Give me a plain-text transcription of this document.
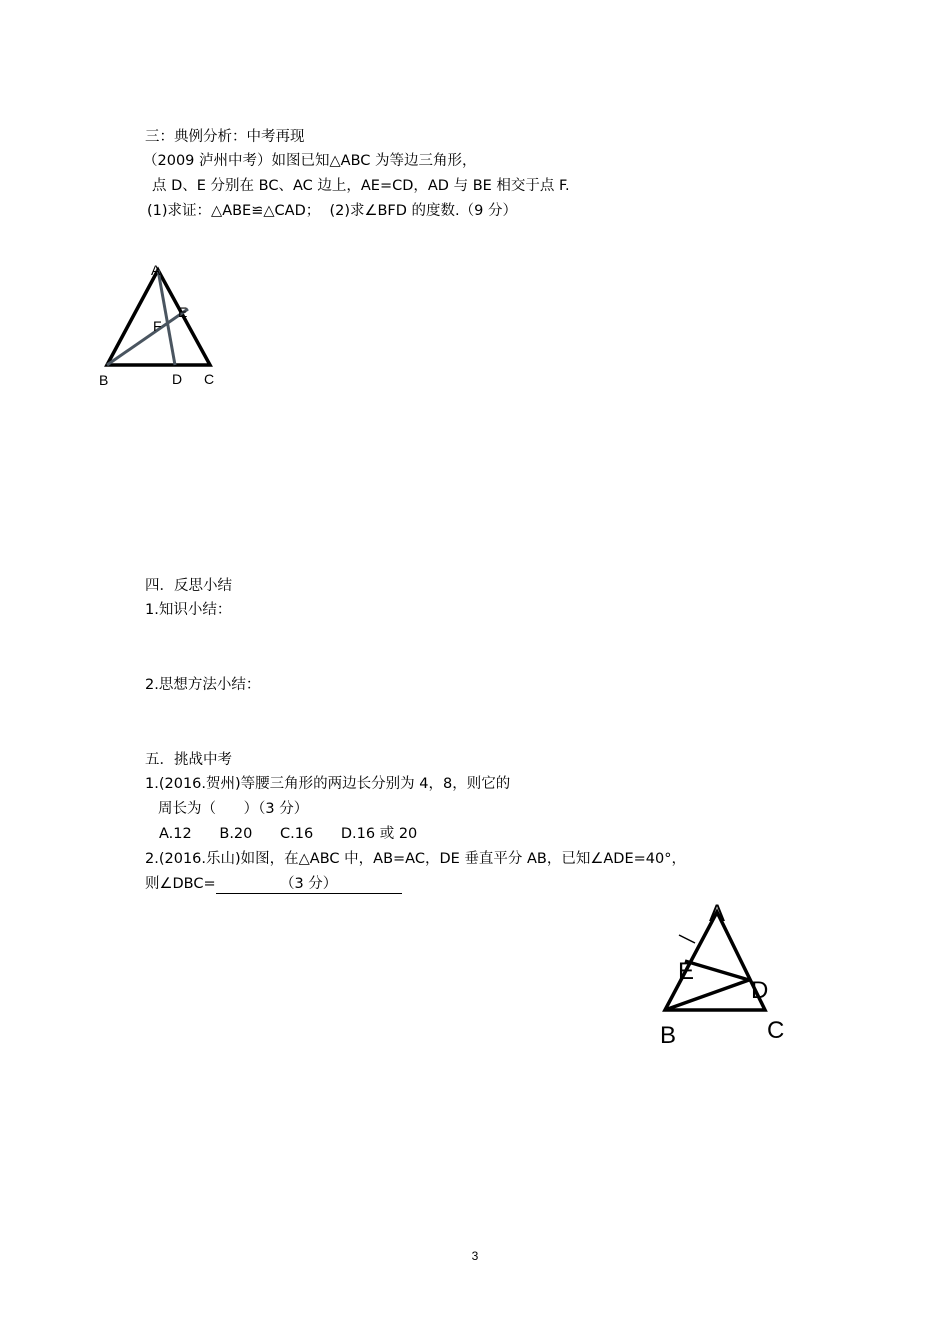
三：典例分析：中考再现
（2009 泸州中考）如图已知△ABC 为等边三角形，
点 D、E 分别在 BC、AC 边上，AE=CD，AD 与 BE 相交于点 F.
(1)求证：△ABE≌△CAD；  (2)求∠BFD 的度数.（9 分）
A
E
F
B	D C
四．反思小结
1.知识小结：
2.思想方法小结：
五．挑战中考
1.(2016.贺州)等腰三角形的两边长分别为 4，8，则它的
周长为（      ）（3 分）
A.12      B.20      C.16      D.16 或 20
2.(2016.乐山)如图，在△ABC 中，AB=AC，DE 垂直平分 AB，已知∠ADE=40°，
则∠DBC=	（3 分）
A
E
D
B	C
3
